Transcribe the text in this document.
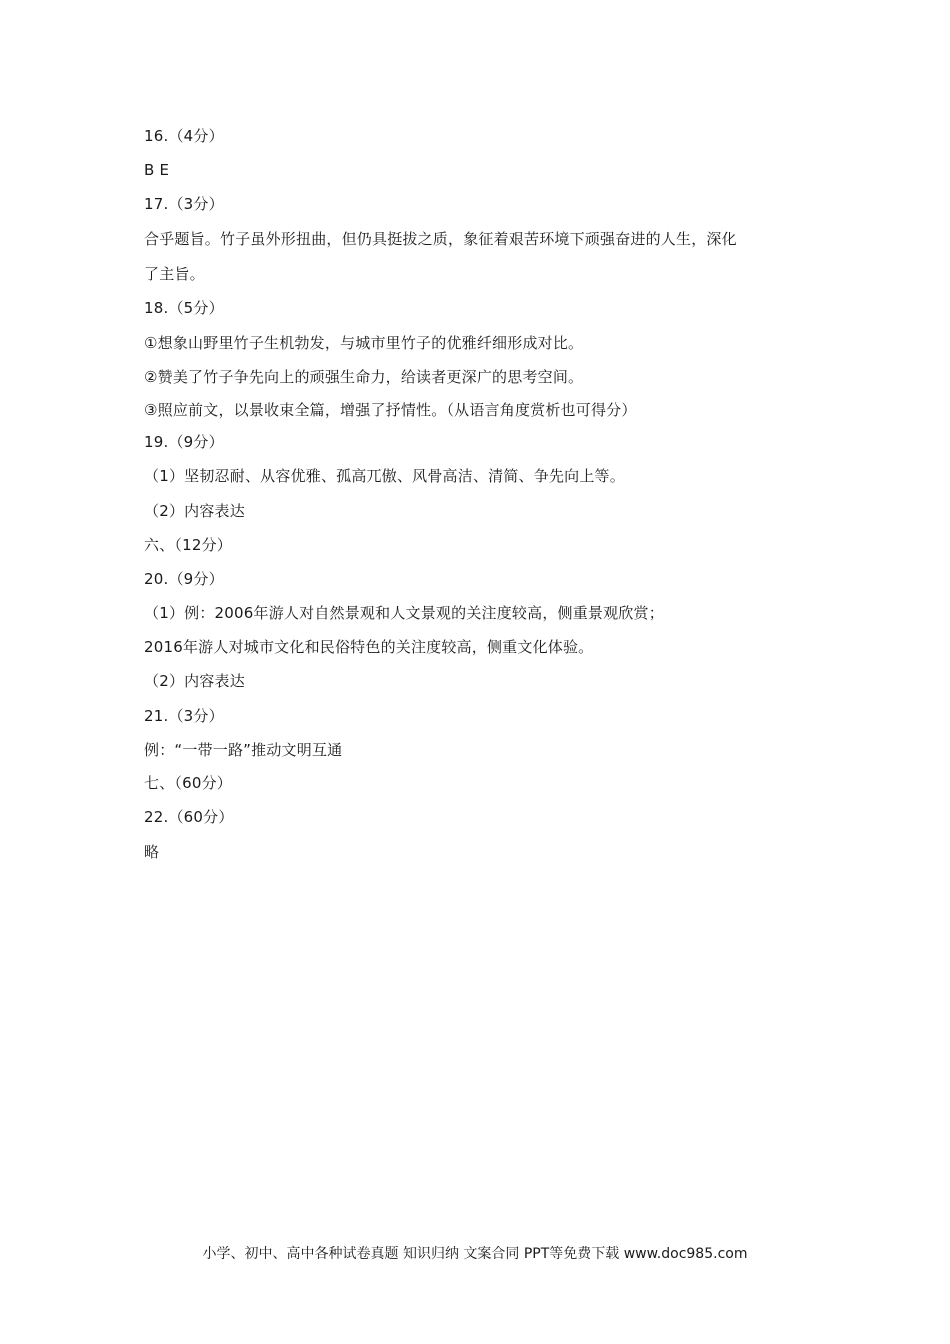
16.（4分）
B E
17.（3分）
合乎题旨。竹子虽外形扭曲，但仍具挺拔之质，象征着艰苦环境下顽强奋进的人生，深化
了主旨。
18.（5分）
①想象山野里竹子生机勃发，与城市里竹子的优雅纤细形成对比。
②赞美了竹子争先向上的顽强生命力，给读者更深广的思考空间。
③照应前文，以景收束全篇，增强了抒情性。（从语言角度赏析也可得分）
19.（9分）
（1）坚韧忍耐、从容优雅、孤高兀傲、风骨高洁、清简、争先向上等。
（2）内容表达
六、（12分）
20.（9分）
（1）例：2006年游人对自然景观和人文景观的关注度较高，侧重景观欣赏；
2016年游人对城市文化和民俗特色的关注度较高，侧重文化体验。
（2）内容表达
21.（3分）
例：“一带一路”推动文明互通
七、（60分）
22.（60分）
略
小学、初中、高中各种试卷真题 知识归纳 文案合同 PPT等免费下载 www.doc985.com
